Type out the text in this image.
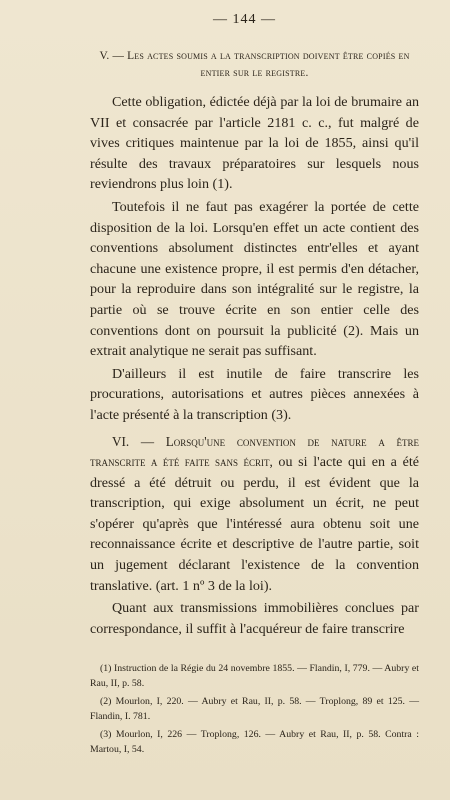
— 144 —
V. — Les actes soumis a la transcription doivent être copiés en entier sur le registre.

Cette obligation, édictée déjà par la loi de brumaire an VII et consacrée par l'article 2181 c. c., fut malgré de vives critiques maintenue par la loi de 1855, ainsi qu'il résulte des travaux préparatoires sur lesquels nous reviendrons plus loin (1).

Toutefois il ne faut pas exagérer la portée de cette disposition de la loi. Lorsqu'en effet un acte contient des conventions absolument distinctes entr'elles et ayant chacune une existence propre, il est permis d'en détacher, pour la reproduire dans son intégralité sur le registre, la partie où se trouve écrite en son entier celle des conventions dont on poursuit la publicité (2). Mais un extrait analytique ne serait pas suffisant.

D'ailleurs il est inutile de faire transcrire les procurations, autorisations et autres pièces annexées à l'acte présenté à la transcription (3).

VI. — Lorsqu'une convention de nature a être transcrite a été faite sans écrit, ou si l'acte qui en a été dressé a été détruit ou perdu, il est évident que la transcription, qui exige absolument un écrit, ne peut s'opérer qu'après que l'intéressé aura obtenu soit une reconnaissance écrite et descriptive de l'autre partie, soit un jugement déclarant l'existence de la convention translative. (art. 1 nº 3 de la loi).

Quant aux transmissions immobilières conclues par correspondance, il suffit à l'acquéreur de faire transcrire

(1) Instruction de la Régie du 24 novembre 1855. — Flandin, I, 779. — Aubry et Rau, II, p. 58.

(2) Mourlon, I, 220. — Aubry et Rau, II, p. 58. — Troplong, 89 et 125. — Flandin, I. 781.

(3) Mourlon, I, 226 — Troplong, 126. — Aubry et Rau, II, p. 58. Contra : Martou, I, 54.
